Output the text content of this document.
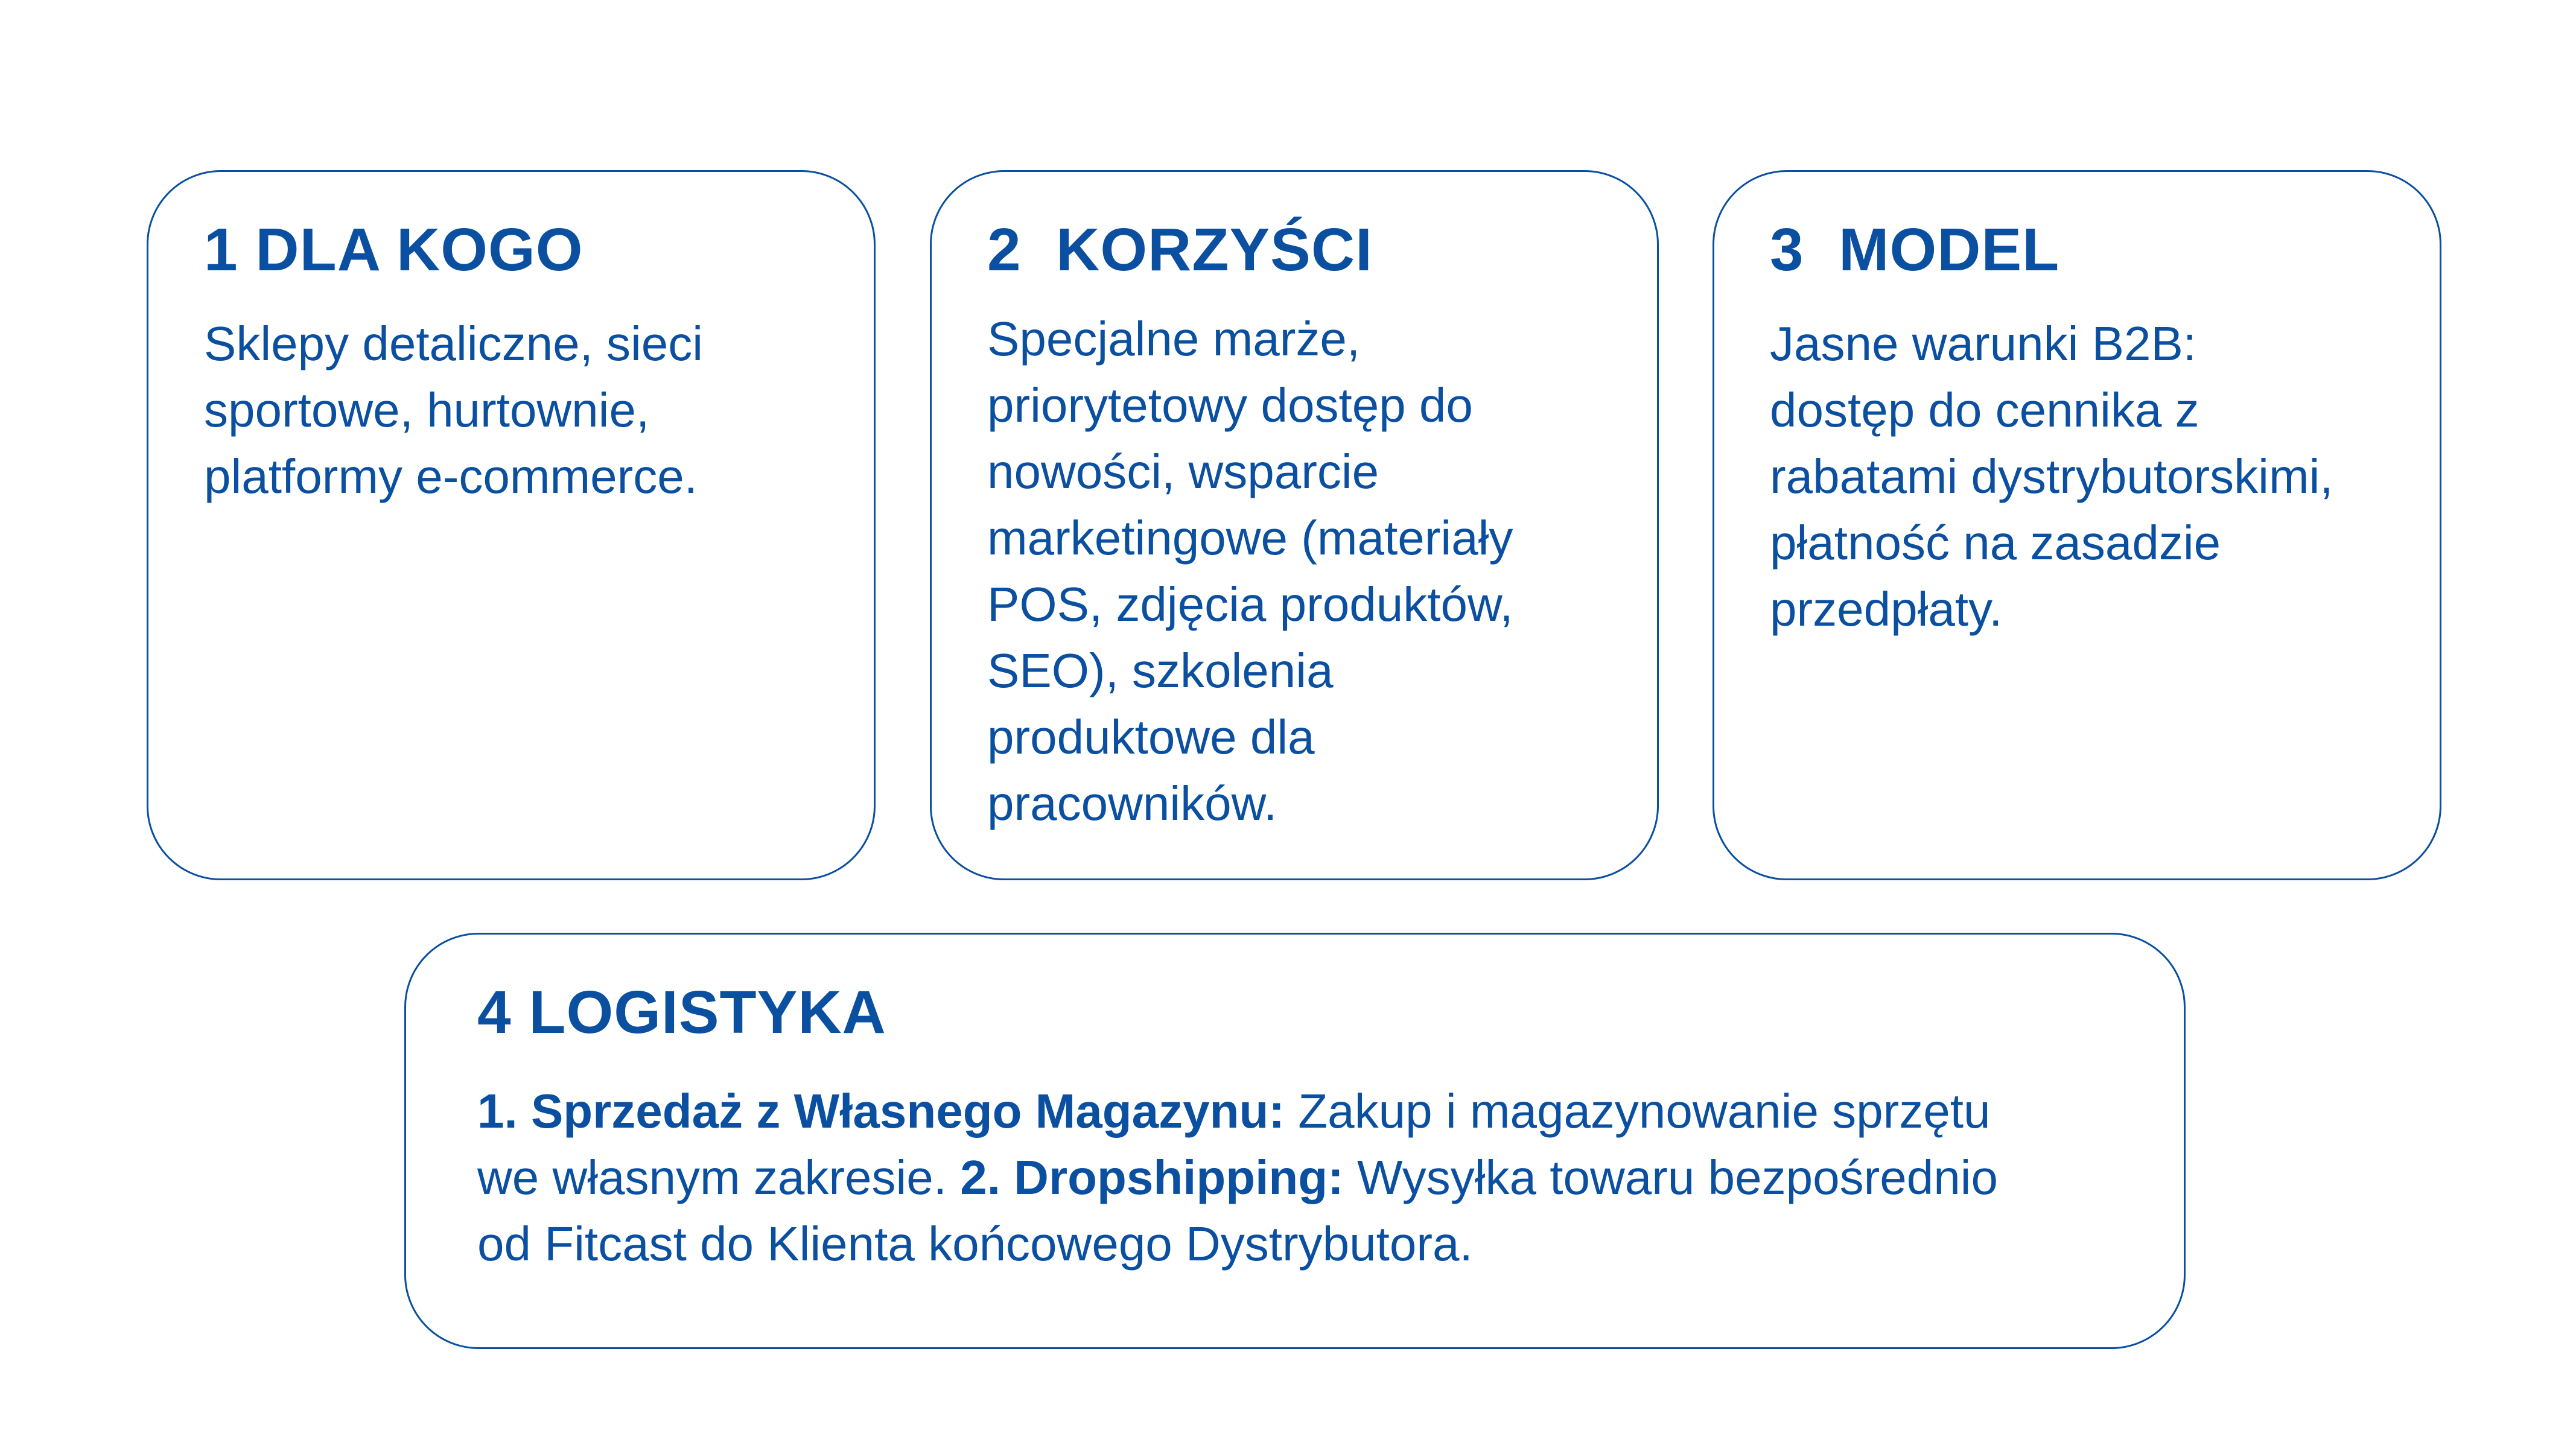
1 DLA KOGO
Sklepy detaliczne, sieci
sportowe, hurtownie,
platformy e-commerce.
2  KORZYŚCI
Specjalne marże,
priorytetowy dostęp do
nowości, wsparcie
marketingowe (materiały
POS, zdjęcia produktów,
SEO), szkolenia
produktowe dla
pracowników.
3  MODEL
Jasne warunki B2B:
dostęp do cennika z
rabatami dystrybutorskimi,
płatność na zasadzie
przedpłaty.
4 LOGISTYKA
1. Sprzedaż z Własnego Magazynu: Zakup i magazynowanie sprzętu
we własnym zakresie. 2. Dropshipping: Wysyłka towaru bezpośrednio
od Fitcast do Klienta końcowego Dystrybutora.
